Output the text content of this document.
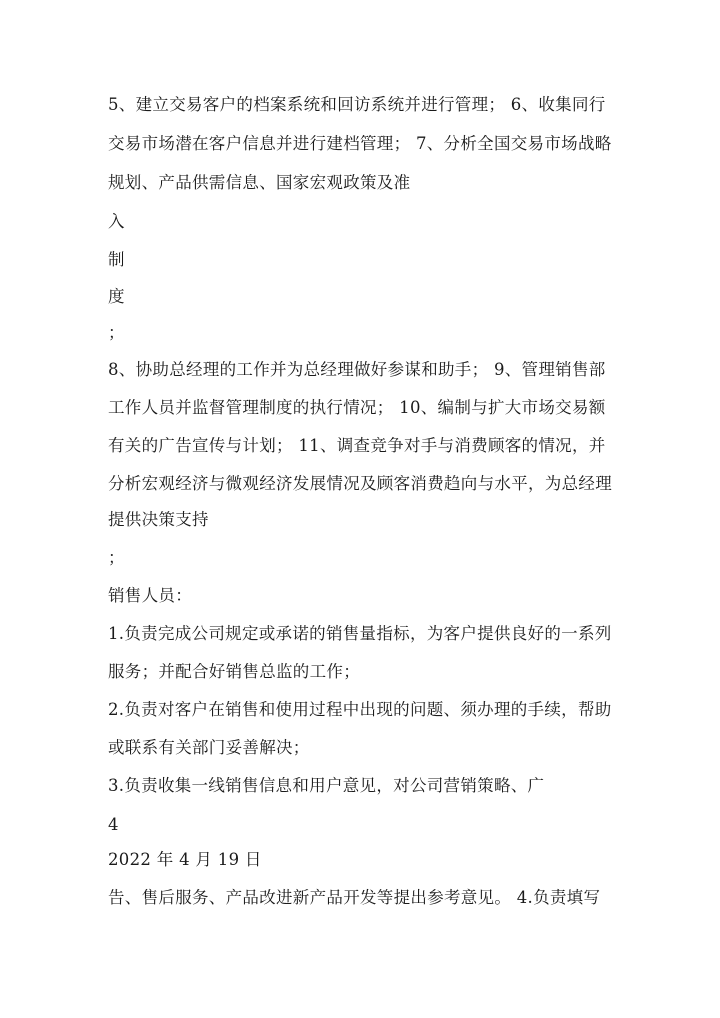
5、建立交易客户的档案系统和回访系统并进行管理； 6、收集同行
交易市场潜在客户信息并进行建档管理； 7、分析全国交易市场战略
规划、产品供需信息、国家宏观政策及准
入
制
度
；
8、协助总经理的工作并为总经理做好参谋和助手； 9、管理销售部
工作人员并监督管理制度的执行情况； 10、编制与扩大市场交易额
有关的广告宣传与计划； 11、调查竞争对手与消费顾客的情况，并
分析宏观经济与微观经济发展情况及顾客消费趋向与水平，为总经理
提供决策支持
；
销售人员：
1.负责完成公司规定或承诺的销售量指标，为客户提供良好的一系列
服务；并配合好销售总监的工作；
2.负责对客户在销售和使用过程中出现的问题、须办理的手续，帮助
或联系有关部门妥善解决；
3.负责收集一线销售信息和用户意见，对公司营销策略、广
4
2022 年 4 月 19 日
告、售后服务、产品改进新产品开发等提出参考意见。 4.负责填写
